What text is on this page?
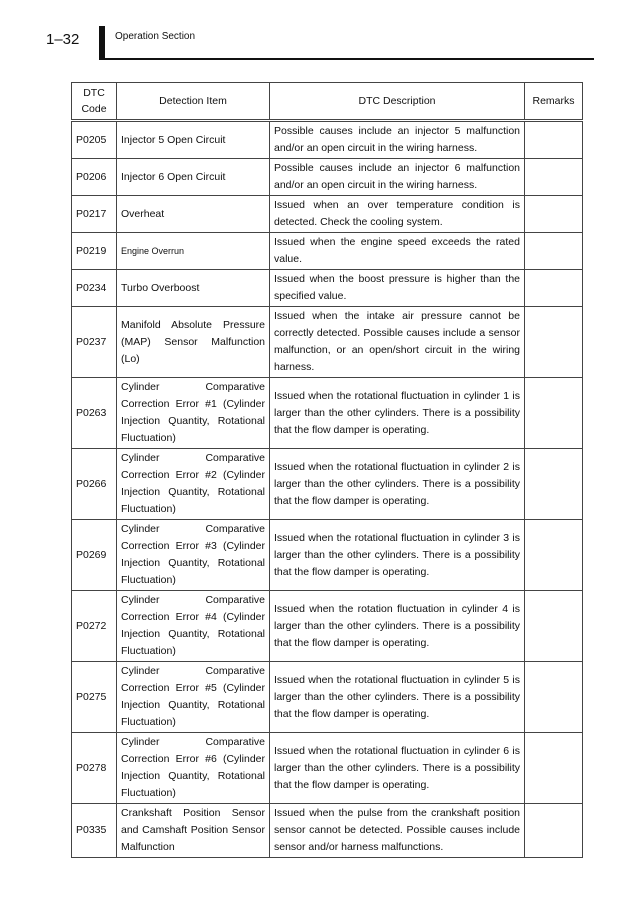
1–32	Operation Section
DTC Code	Detection Item	DTC Description	Remarks
P0205	Injector 5 Open Circuit	Possible causes include an injector 5 malfunction and/or an open circuit in the wiring harness.	
P0206	Injector 6 Open Circuit	Possible causes include an injector 6 malfunction and/or an open circuit in the wiring harness.	
P0217	Overheat	Issued when an over temperature condition is detected. Check the cooling system.	
P0219	Engine Overrun	Issued when the engine speed exceeds the rated value.	
P0234	Turbo Overboost	Issued when the boost pressure is higher than the specified value.	
P0237	Manifold Absolute Pressure (MAP) Sensor Malfunction (Lo)	Issued when the intake air pressure cannot be correctly detected. Possible causes include a sensor malfunction, or an open/short circuit in the wiring harness.	
P0263	Cylinder Comparative Correction Error #1 (Cylinder Injection Quantity, Rotational Fluctuation)	Issued when the rotational fluctuation in cylinder 1 is larger than the other cylinders. There is a possibility that the flow damper is operating.	
P0266	Cylinder Comparative Correction Error #2 (Cylinder Injection Quantity, Rotational Fluctuation)	Issued when the rotational fluctuation in cylinder 2 is larger than the other cylinders. There is a possibility that the flow damper is operating.	
P0269	Cylinder Comparative Correction Error #3 (Cylinder Injection Quantity, Rotational Fluctuation)	Issued when the rotational fluctuation in cylinder 3 is larger than the other cylinders. There is a possibility that the flow damper is operating.	
P0272	Cylinder Comparative Correction Error #4 (Cylinder Injection Quantity, Rotational Fluctuation)	Issued when the rotation fluctuation in cylinder 4 is larger than the other cylinders. There is a possibility that the flow damper is operating.	
P0275	Cylinder Comparative Correction Error #5 (Cylinder Injection Quantity, Rotational Fluctuation)	Issued when the rotational fluctuation in cylinder 5 is larger than the other cylinders. There is a possibility that the flow damper is operating.	
P0278	Cylinder Comparative Correction Error #6 (Cylinder Injection Quantity, Rotational Fluctuation)	Issued when the rotational fluctuation in cylinder 6 is larger than the other cylinders. There is a possibility that the flow damper is operating.	
P0335	Crankshaft Position Sensor and Camshaft Position Sensor Malfunction	Issued when the pulse from the crankshaft position sensor cannot be detected. Possible causes include sensor and/or harness malfunctions.	
